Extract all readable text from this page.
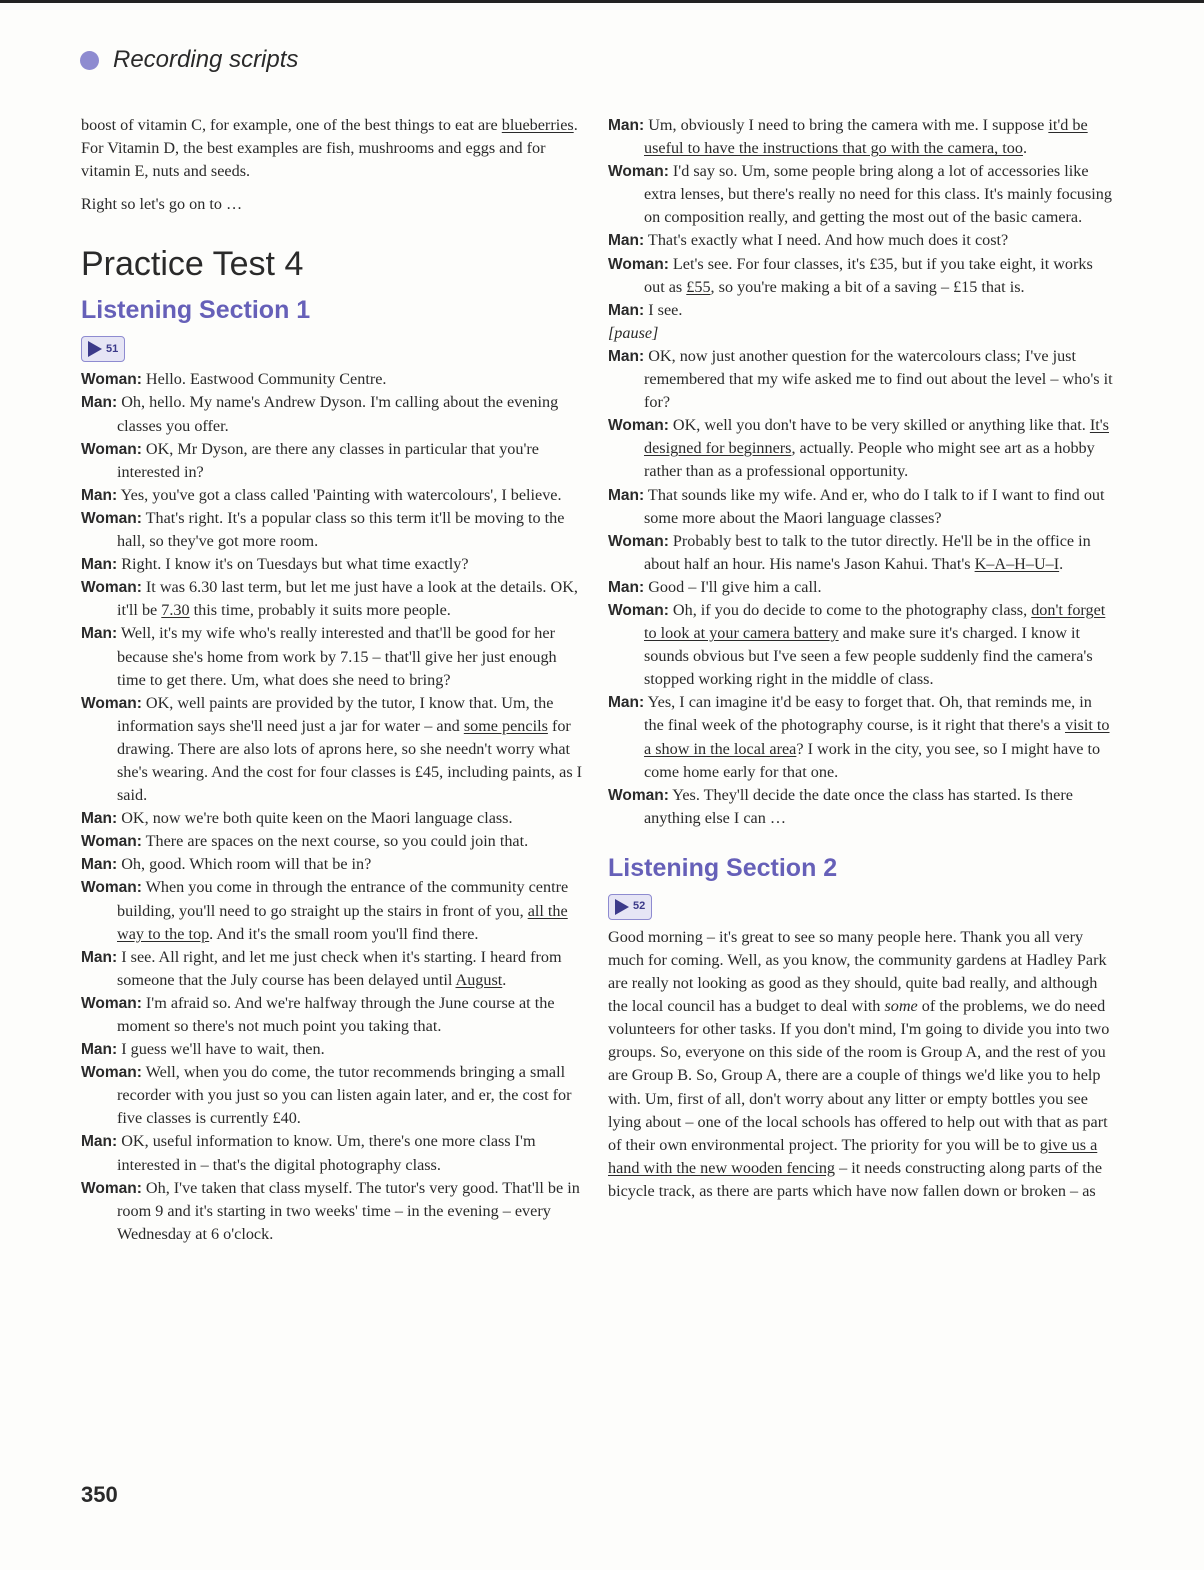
Recording scripts

boost of vitamin C, for example, one of the best things to eat are blueberries. For Vitamin D, the best examples are fish, mushrooms and eggs and for vitamin E, nuts and seeds.

Right so let's go on to …

Practice Test 4
Listening Section 1
51

Woman: Hello. Eastwood Community Centre.

Man: Oh, hello. My name's Andrew Dyson. I'm calling about the evening classes you offer.

Woman: OK, Mr Dyson, are there any classes in particular that you're interested in?

Man: Yes, you've got a class called 'Painting with watercolours', I believe.

Woman: That's right. It's a popular class so this term it'll be moving to the hall, so they've got more room.

Man: Right. I know it's on Tuesdays but what time exactly?

Woman: It was 6.30 last term, but let me just have a look at the details. OK, it'll be 7.30 this time, probably it suits more people.

Man: Well, it's my wife who's really interested and that'll be good for her because she's home from work by 7.15 – that'll give her just enough time to get there. Um, what does she need to bring?

Woman: OK, well paints are provided by the tutor, I know that. Um, the information says she'll need just a jar for water – and some pencils for drawing. There are also lots of aprons here, so she needn't worry what she's wearing. And the cost for four classes is £45, including paints, as I said.

Man: OK, now we're both quite keen on the Maori language class.

Woman: There are spaces on the next course, so you could join that.

Man: Oh, good. Which room will that be in?

Woman: When you come in through the entrance of the community centre building, you'll need to go straight up the stairs in front of you, all the way to the top. And it's the small room you'll find there.

Man: I see. All right, and let me just check when it's starting. I heard from someone that the July course has been delayed until August.

Woman: I'm afraid so. And we're halfway through the June course at the moment so there's not much point you taking that.

Man: I guess we'll have to wait, then.

Woman: Well, when you do come, the tutor recommends bringing a small recorder with you just so you can listen again later, and er, the cost for five classes is currently £40.

Man: OK, useful information to know. Um, there's one more class I'm interested in – that's the digital photography class.

Woman: Oh, I've taken that class myself. The tutor's very good. That'll be in room 9 and it's starting in two weeks' time – in the evening – every Wednesday at 6 o'clock.

Man: Um, obviously I need to bring the camera with me. I suppose it'd be useful to have the instructions that go with the camera, too.

Woman: I'd say so. Um, some people bring along a lot of accessories like extra lenses, but there's really no need for this class. It's mainly focusing on composition really, and getting the most out of the basic camera.

Man: That's exactly what I need. And how much does it cost?

Woman: Let's see. For four classes, it's £35, but if you take eight, it works out as £55, so you're making a bit of a saving – £15 that is.

Man: I see.

[pause]

Man: OK, now just another question for the watercolours class; I've just remembered that my wife asked me to find out about the level – who's it for?

Woman: OK, well you don't have to be very skilled or anything like that. It's designed for beginners, actually. People who might see art as a hobby rather than as a professional opportunity.

Man: That sounds like my wife. And er, who do I talk to if I want to find out some more about the Maori language classes?

Woman: Probably best to talk to the tutor directly. He'll be in the office in about half an hour. His name's Jason Kahui. That's K–A–H–U–I.

Man: Good – I'll give him a call.

Woman: Oh, if you do decide to come to the photography class, don't forget to look at your camera battery and make sure it's charged. I know it sounds obvious but I've seen a few people suddenly find the camera's stopped working right in the middle of class.

Man: Yes, I can imagine it'd be easy to forget that. Oh, that reminds me, in the final week of the photography course, is it right that there's a visit to a show in the local area? I work in the city, you see, so I might have to come home early for that one.

Woman: Yes. They'll decide the date once the class has started. Is there anything else I can …

Listening Section 2
52

Good morning – it's great to see so many people here. Thank you all very much for coming. Well, as you know, the community gardens at Hadley Park are really not looking as good as they should, quite bad really, and although the local council has a budget to deal with some of the problems, we do need volunteers for other tasks. If you don't mind, I'm going to divide you into two groups. So, everyone on this side of the room is Group A, and the rest of you are Group B. So, Group A, there are a couple of things we'd like you to help with. Um, first of all, don't worry about any litter or empty bottles you see lying about – one of the local schools has offered to help out with that as part of their own environmental project. The priority for you will be to give us a hand with the new wooden fencing – it needs constructing along parts of the bicycle track, as there are parts which have now fallen down or broken – as

350
